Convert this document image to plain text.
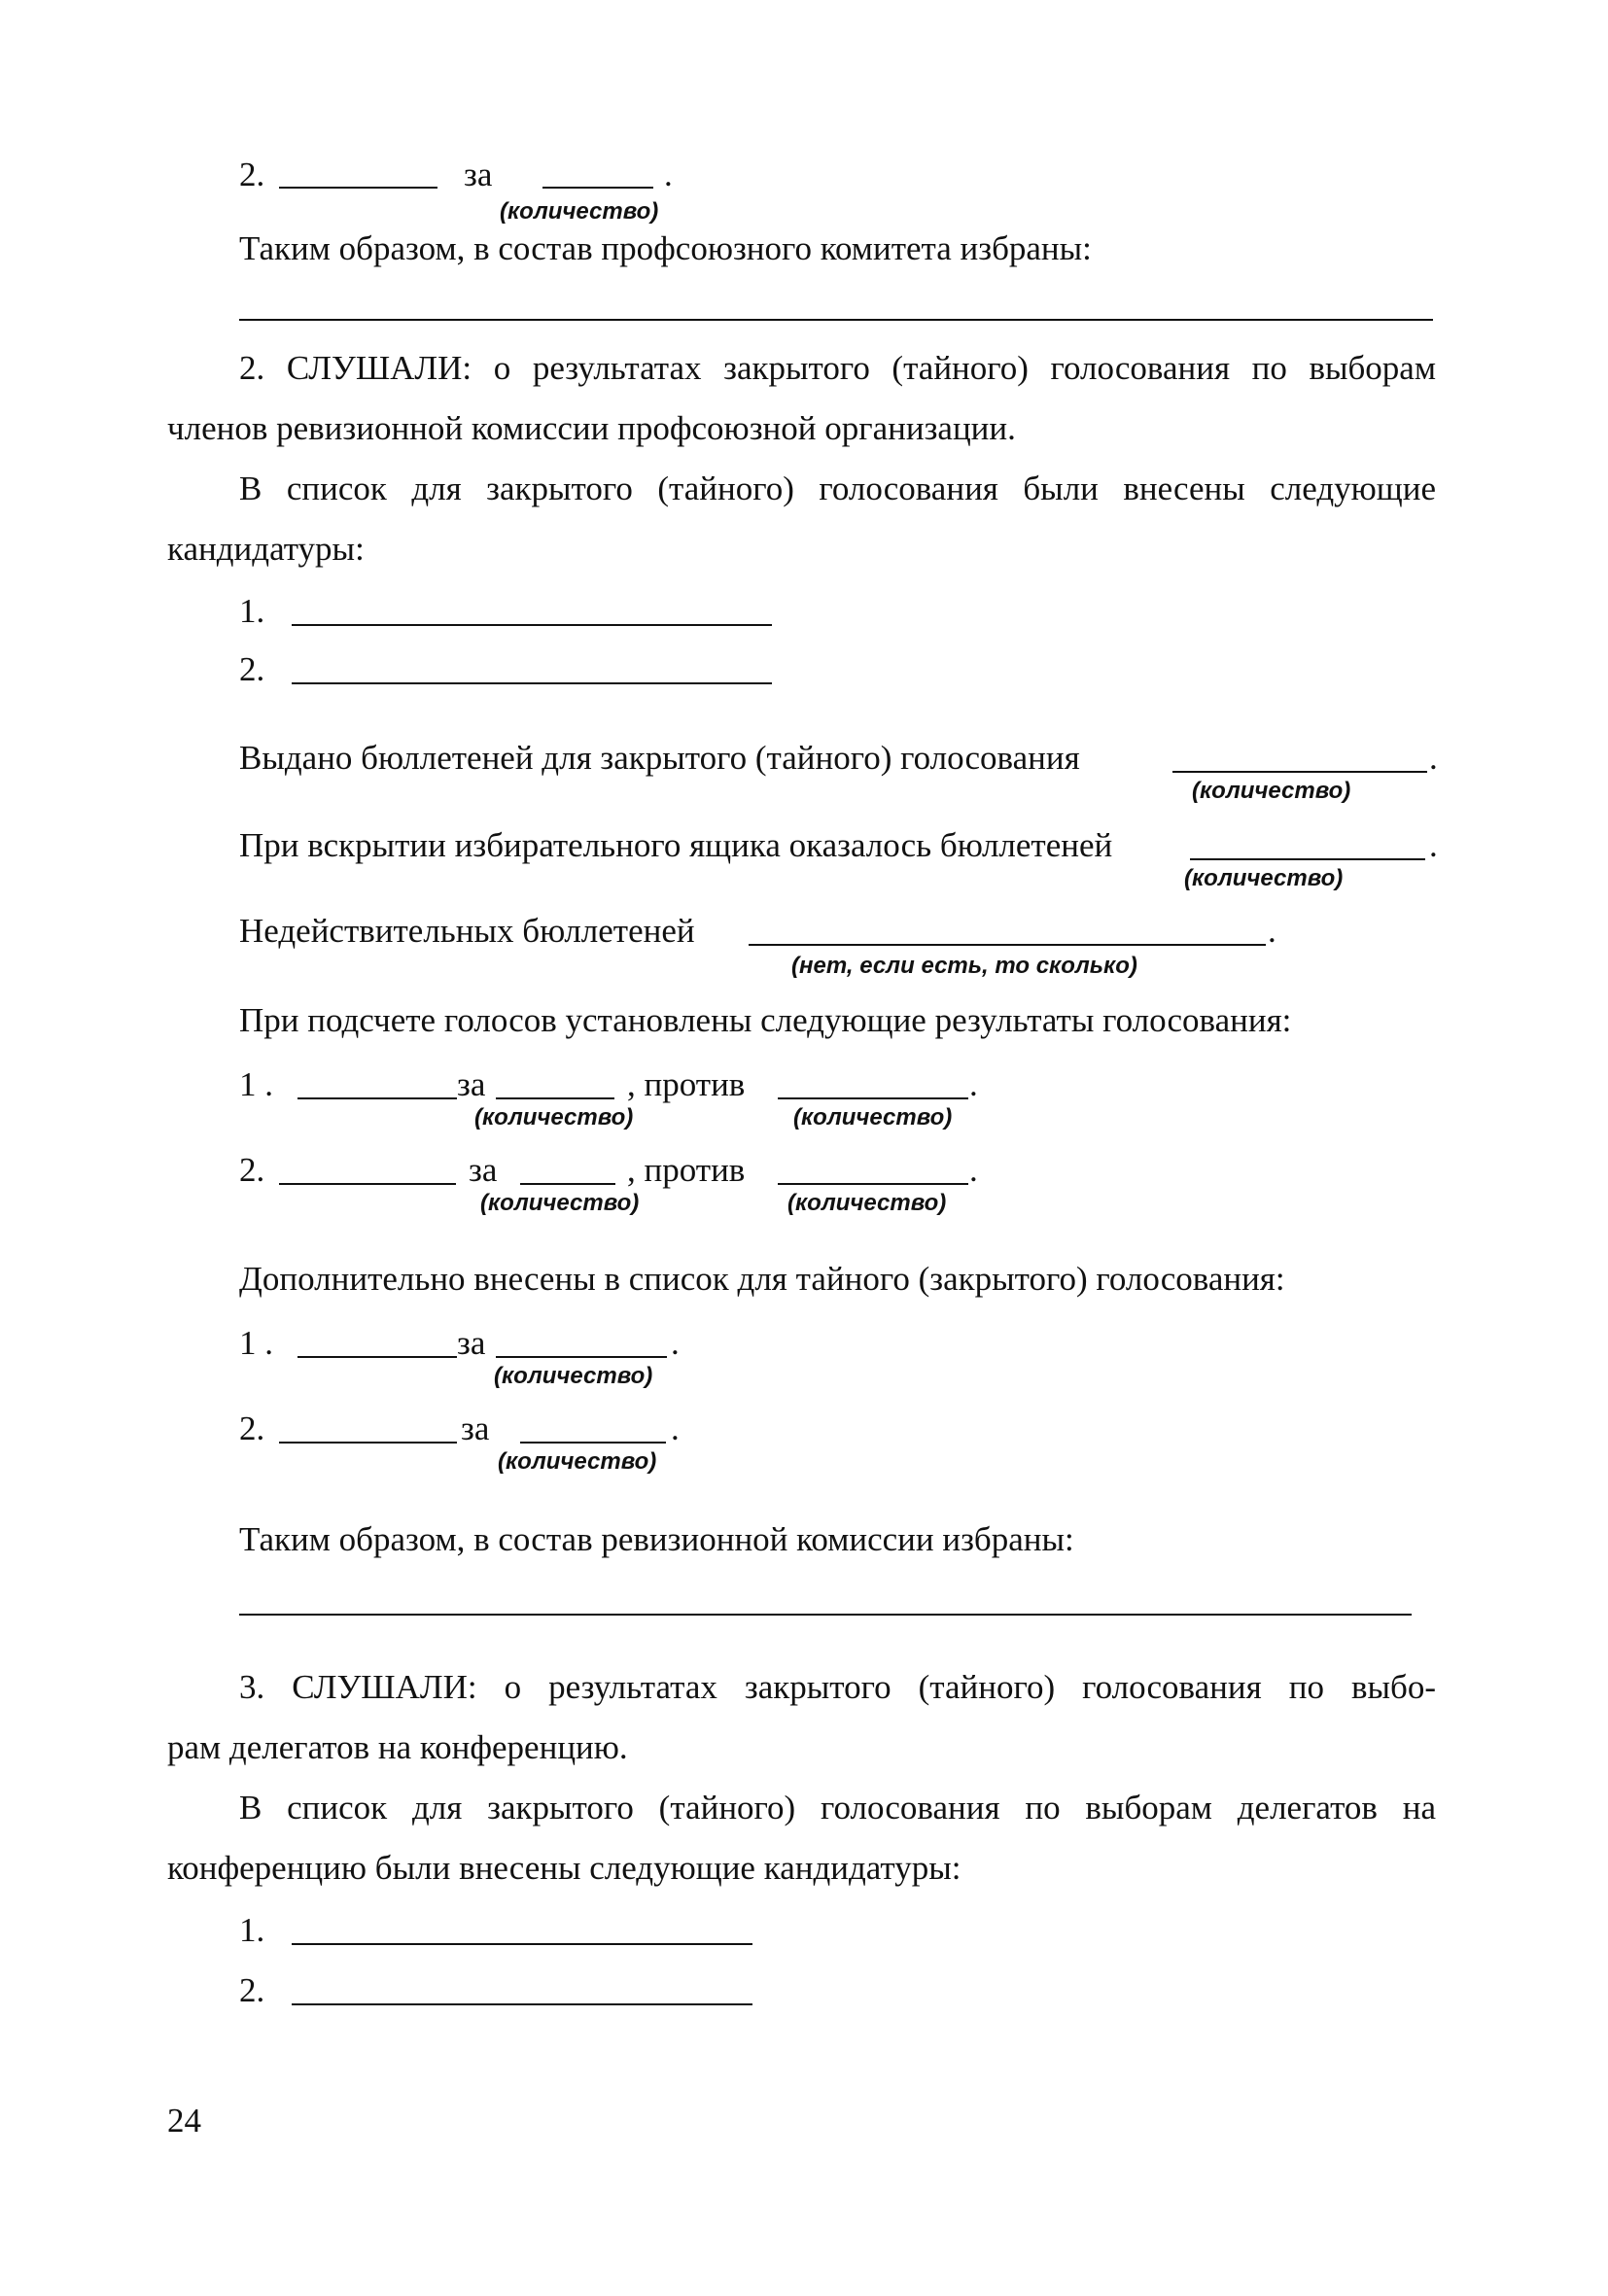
2.	за	.
(количество)
Таким образом, в состав профсоюзного комитета избраны:
2. СЛУШАЛИ: о результатах закрытого (тайного) голосования по выборам
членов ревизионной комиссии профсоюзной организации.
В список для закрытого (тайного) голосования были внесены следующие
кандидатуры:
1.
2.
Выдано бюллетеней для закрытого (тайного) голосования	.
(количество)
При вскрытии избирательного ящика оказалось бюллетеней	.
(количество)
Недействительных бюллетеней	.
(нет, если есть, то сколько)
При подсчете голосов установлены следующие результаты голосования:
1 .	за	, против	.
(количество)	(количество)
2.	за	, против	.
(количество)	(количество)
Дополнительно внесены в список для тайного (закрытого) голосования:
1 .	за	.
(количество)
2.	за	.
(количество)
Таким образом, в состав ревизионной комиссии избраны:
3. СЛУШАЛИ: о результатах закрытого (тайного) голосования по выбо-
рам делегатов на конференцию.
В список для закрытого (тайного) голосования по выборам делегатов на
конференцию были внесены следующие кандидатуры:
1.
2.
24
